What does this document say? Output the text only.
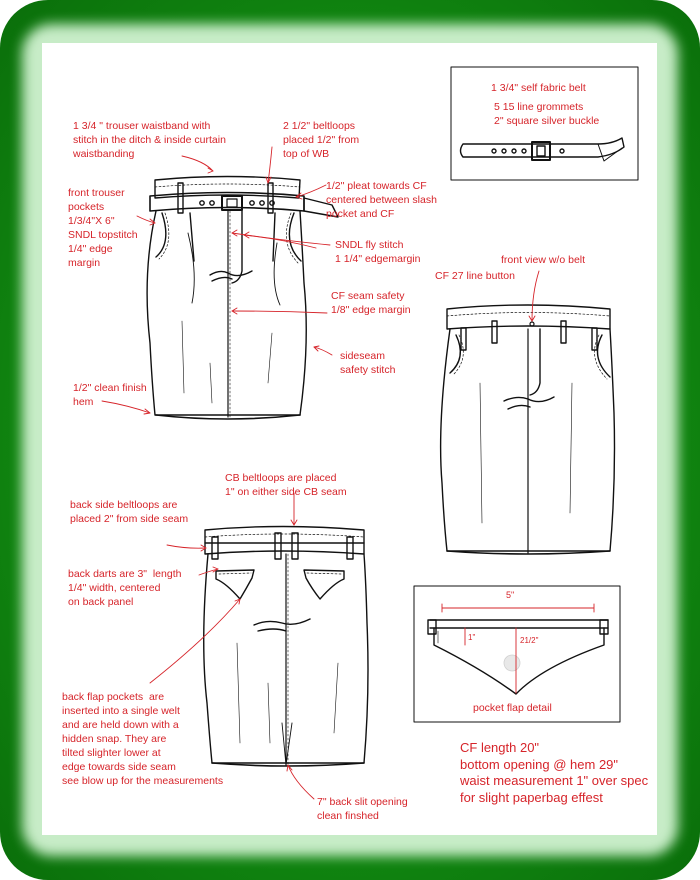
1 3/4 " trouser waistband with
stitch in the ditch & inside curtain
waistbanding
2 1/2" beltloops
placed 1/2" from
top of WB
front trouser
pockets
1/3/4"X 6"
SNDL topstitch
1/4" edge
margin
1/2" pleat towards CF
centered between slash
pocket and CF
SNDL fly stitch
1 1/4" edgemargin
CF seam safety
1/8" edge margin
sideseam
safety stitch
1/2" clean finish
hem
front view w/o belt
CF 27 line button
CB beltloops are placed
1" on either side CB seam
back side beltloops are
placed 2" from side seam
back darts are 3"  length
1/4" width, centered
on back panel
back flap pockets  are
inserted into a single welt
and are held down with a
hidden snap. They are
tilted slighter lower at
edge towards side seam
see blow up for the measurements
7" back slit opening
clean finshed
1 3/4" self fabric belt
5 15 line grommets
2" square silver buckle
5"
1"	21/2"
pocket flap detail
CF length 20"
bottom opening @ hem 29"
waist measurement 1" over spec
for slight paperbag effest
